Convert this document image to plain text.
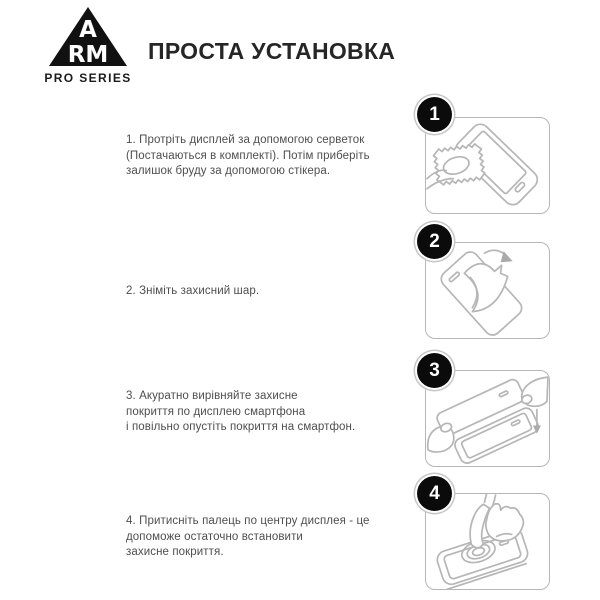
A
RM
PRO SERIES
ПРОСТА УСТАНОВКА
1. Протріть дисплей за допомогою серветок
(Постачаються в комплекті). Потім приберіть
залишок бруду за допомогою стікера.
1
2. Зніміть захисний шар.
2
3. Акуратно вирівняйте захисне
покриття по дисплею смартфона
і повільно опустіть покриття на смартфон.
3
4. Притисніть палець по центру дисплея - це
допоможе остаточно встановити
захисне покриття.
4
